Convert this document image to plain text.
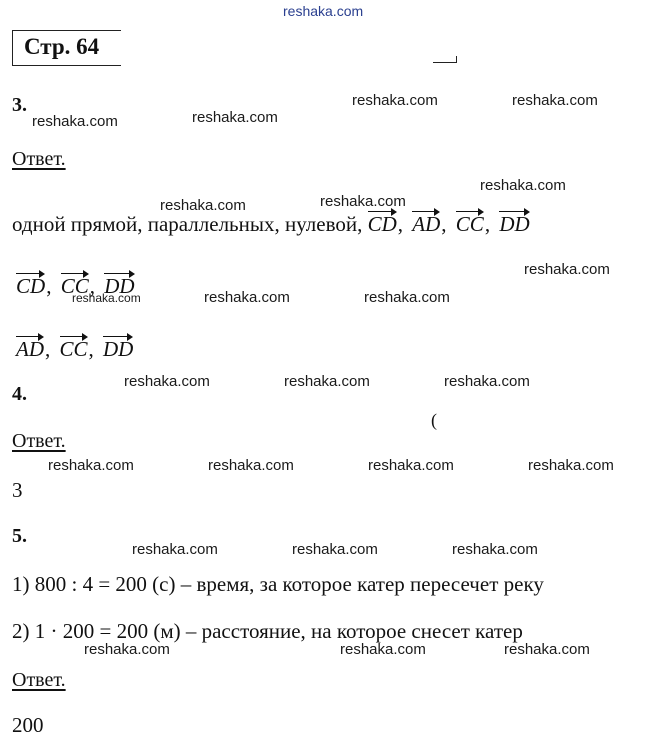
reshaka.com
Стр. 64
3.
Ответ.
одной прямой, параллельных, нулевой, CD, AD, CC, DD
CD, CC, DD
AD, CC, DD
4.
(
Ответ.
3
5.
1) 800 : 4 = 200 (с) – время, за которое катер пересечет реку
2) 1 · 200 = 200 (м) – расстояние, на которое снесет катер
Ответ.
200
reshaka.com	reshaka.com
reshaka.com	reshaka.com
reshaka.com
reshaka.com	reshaka.com
reshaka.com
reshaka.com	reshaka.com
reshaka.com
reshaka.com	reshaka.com	reshaka.com
reshaka.com	reshaka.com	reshaka.com	reshaka.com
reshaka.com	reshaka.com	reshaka.com
reshaka.com	reshaka.com	reshaka.com
